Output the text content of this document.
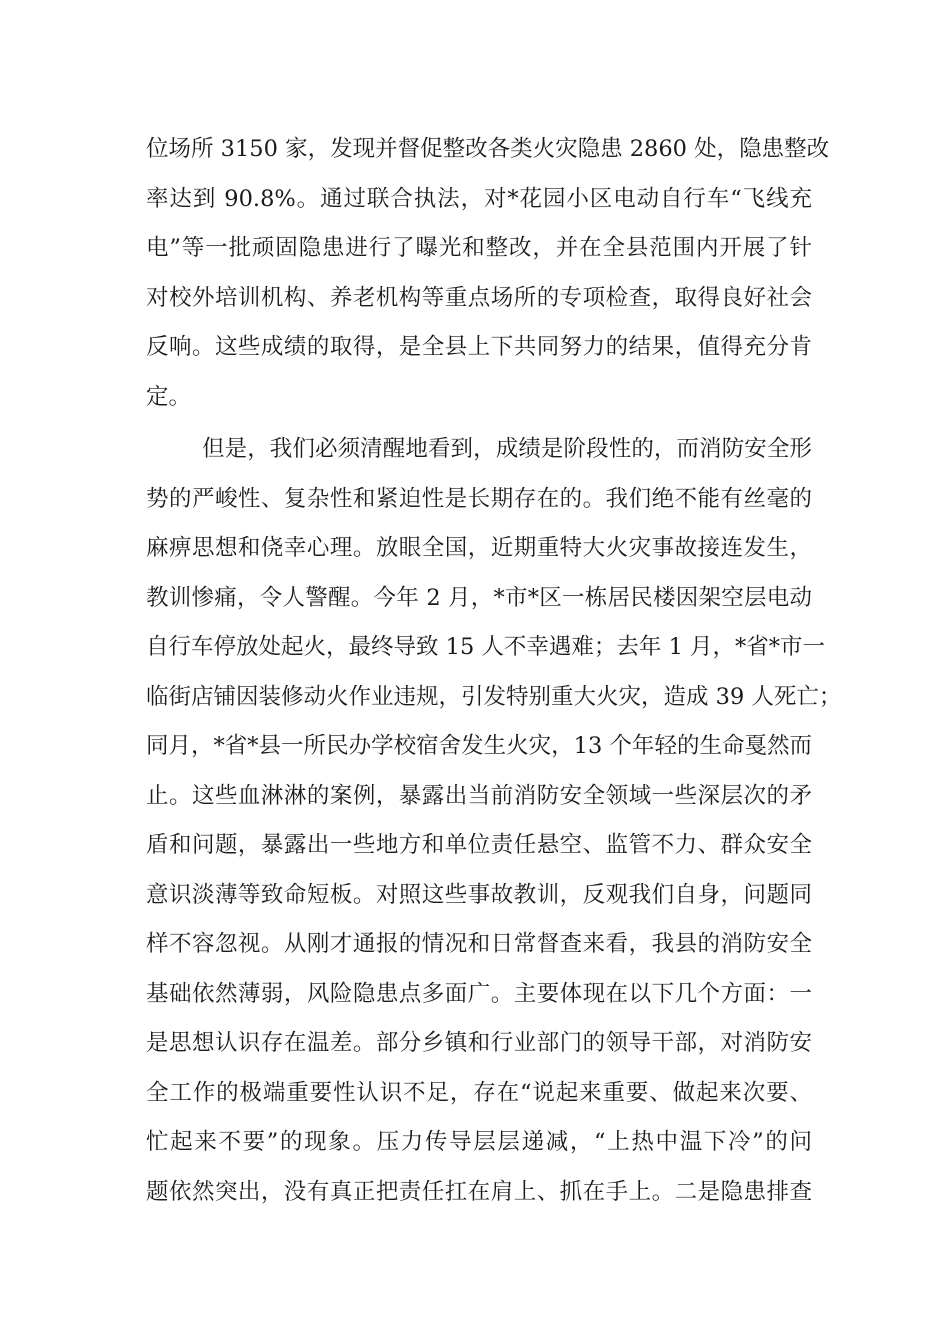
位场所 3150 家，发现并督促整改各类火灾隐患 2860 处，隐患整改
率达到 90.8%。通过联合执法，对*花园小区电动自行车“飞线充
电”等一批顽固隐患进行了曝光和整改，并在全县范围内开展了针
对校外培训机构、养老机构等重点场所的专项检查，取得良好社会
反响。这些成绩的取得，是全县上下共同努力的结果，值得充分肯
定。
但是，我们必须清醒地看到，成绩是阶段性的，而消防安全形
势的严峻性、复杂性和紧迫性是长期存在的。我们绝不能有丝毫的
麻痹思想和侥幸心理。放眼全国，近期重特大火灾事故接连发生，
教训惨痛，令人警醒。今年 2 月，*市*区一栋居民楼因架空层电动
自行车停放处起火，最终导致 15 人不幸遇难；去年 1 月，*省*市一
临街店铺因装修动火作业违规，引发特别重大火灾，造成 39 人死亡；
同月，*省*县一所民办学校宿舍发生火灾，13 个年轻的生命戛然而
止。这些血淋淋的案例，暴露出当前消防安全领域一些深层次的矛
盾和问题，暴露出一些地方和单位责任悬空、监管不力、群众安全
意识淡薄等致命短板。对照这些事故教训，反观我们自身，问题同
样不容忽视。从刚才通报的情况和日常督查来看，我县的消防安全
基础依然薄弱，风险隐患点多面广。主要体现在以下几个方面：一
是思想认识存在温差。部分乡镇和行业部门的领导干部，对消防安
全工作的极端重要性认识不足，存在“说起来重要、做起来次要、
忙起来不要”的现象。压力传导层层递减，“上热中温下冷”的问
题依然突出，没有真正把责任扛在肩上、抓在手上。二是隐患排查
